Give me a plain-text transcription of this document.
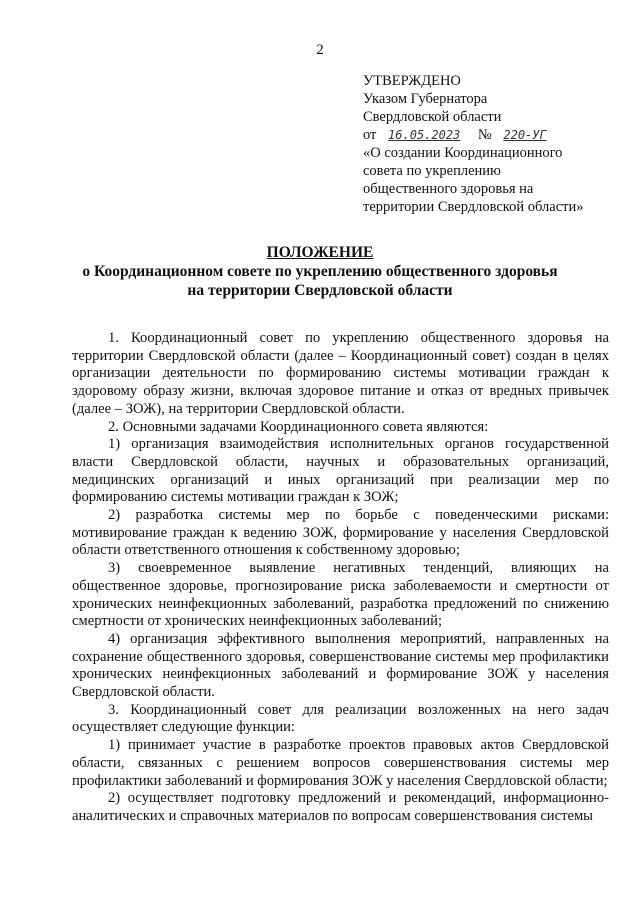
2
УТВЕРЖДЕНО
Указом Губернатора
Свердловской области
от 16.05.2023 № 220-УГ
«О создании Координационного
совета по укреплению
общественного здоровья на
территории Свердловской области»
ПОЛОЖЕНИЕ
о Координационном совете по укреплению общественного здоровья
на территории Свердловской области

1. Координационный совет по укреплению общественного здоровья на территории Свердловской области (далее – Координационный совет) создан в целях организации деятельности по формированию системы мотивации граждан к здоровому образу жизни, включая здоровое питание и отказ от вредных привычек (далее – ЗОЖ), на территории Свердловской области.

2. Основными задачами Координационного совета являются:

1) организация взаимодействия исполнительных органов государственной власти Свердловской области, научных и образовательных организаций, медицинских организаций и иных организаций при реализации мер по формированию системы мотивации граждан к ЗОЖ;

2) разработка системы мер по борьбе с поведенческими рисками: мотивирование граждан к ведению ЗОЖ, формирование у населения Свердловской области ответственного отношения к собственному здоровью;

3) своевременное выявление негативных тенденций, влияющих на общественное здоровье, прогнозирование риска заболеваемости и смертности от хронических неинфекционных заболеваний, разработка предложений по снижению смертности от хронических неинфекционных заболеваний;

4) организация эффективного выполнения мероприятий, направленных на сохранение общественного здоровья, совершенствование системы мер профилактики хронических неинфекционных заболеваний и формирование ЗОЖ у населения Свердловской области.

3. Координационный совет для реализации возложенных на него задач осуществляет следующие функции:

1) принимает участие в разработке проектов правовых актов Свердловской области, связанных с решением вопросов совершенствования системы мер профилактики заболеваний и формирования ЗОЖ у населения Свердловской области;

2) осуществляет подготовку предложений и рекомендаций, информационно-аналитических и справочных материалов по вопросам совершенствования системы
